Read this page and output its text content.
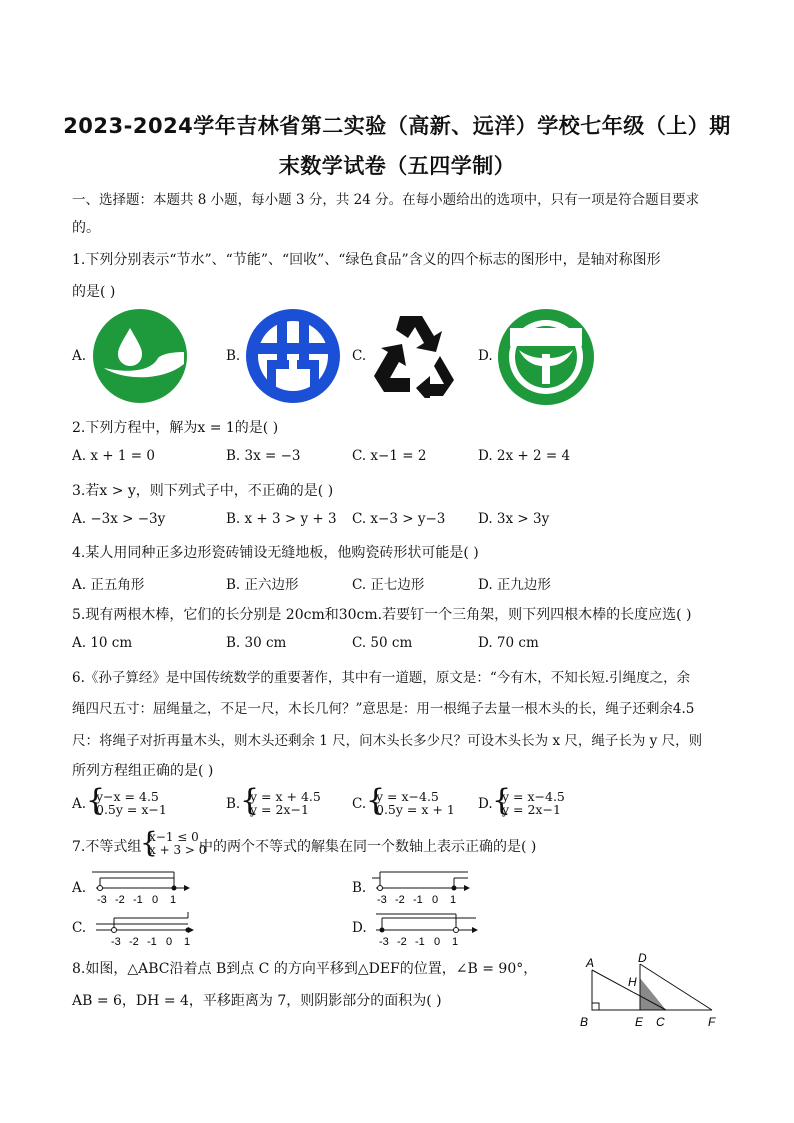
2023-2024学年吉林省第二实验（高新、远洋）学校七年级（上）期
末数学试卷（五四学制）
一、选择题：本题共 8 小题，每小题 3 分，共 24 分。在每小题给出的选项中，只有一项是符合题目要求
的。
1.下列分别表示“节水”、“节能”、“回收”、“绿色食品”含义的四个标志的图形中，是轴对称图形
的是( )
A.	B.	C.	D.
2.下列方程中，解为x = 1的是( )
A. x + 1 = 0	B. 3x = −3	C. x−1 = 2	D. 2x + 2 = 4
3.若x > y，则下列式子中，不正确的是( )
A. −3x > −3y	B. x + 3 > y + 3 C. x−3 > y−3 D. 3x > 3y
4.某人用同种正多边形瓷砖铺设无缝地板，他购瓷砖形状可能是( )
A. 正五角形	B. 正六边形	C. 正七边形	D. 正九边形
5.现有两根木棒，它们的长分别是 20cm和30cm.若要钉一个三角架，则下列四根木棒的长度应选( )
A. 10 cm	B. 30 cm	C. 50 cm	D. 70 cm
6.《孙子算经》是中国传统数学的重要著作，其中有一道题，原文是：“今有木，不知长短.引绳度之，余
绳四尺五寸：屈绳量之，不足一尺，木长几何？”意思是：用一根绳子去量一根木头的长，绳子还剩余4.5
尺：将绳子对折再量木头，则木头还剩余 1 尺，问木头长多少尺？可设木头长为 x 尺，绳子长为 y 尺，则
所列方程组正确的是( )
A. {
y−x = 4.5
0.5y = x−1	B. {
y = x + 4.5
y = 2x−1	C. {
y = x−4.5
0.5y = x + 1 D. {
y = x−4.5
y = 2x−1
7.不等式组
{
x−1 ≤ 0
x + 3 > 0
中的两个不等式的解集在同一个数轴上表示正确的是( )
A.
-3 -2 -1 0 1
B.
-3 -2 -1 0 1
C.
-3 -2 -1 0 1
D.
-3 -2 -1 0 1
8.如图，△ABC沿着点 B到点 C 的方向平移到△DEF的位置，∠B = 90°，
AB = 6，DH = 4，平移距离为 7，则阴影部分的面积为( )
A	D
H
B	E C	F
